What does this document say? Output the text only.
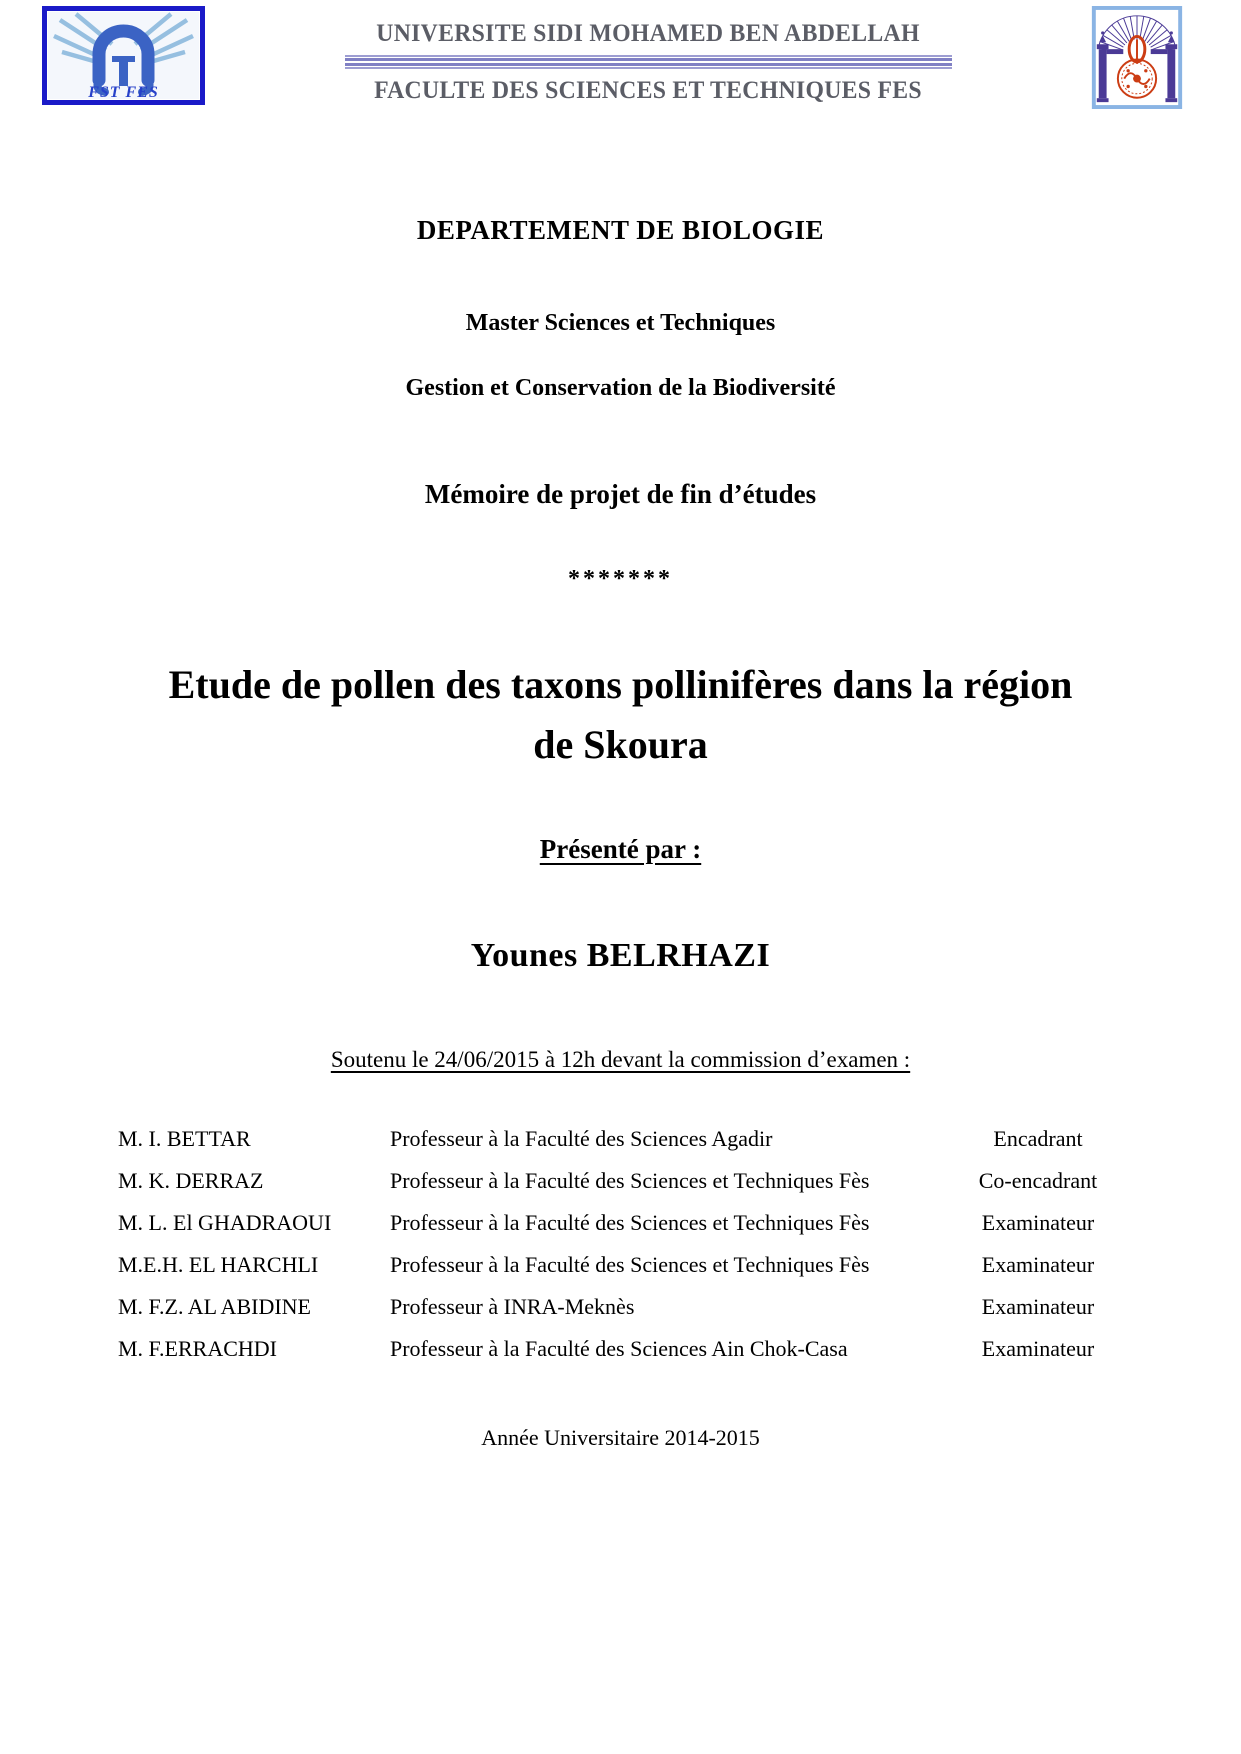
FST FES
UNIVERSITE SIDI MOHAMED BEN ABDELLAH
FACULTE DES SCIENCES ET TECHNIQUES FES
DEPARTEMENT DE BIOLOGIE
Master Sciences et Techniques
Gestion et Conservation de la Biodiversité
Mémoire de projet de fin d’études
*******
Etude de pollen des taxons pollinifères dans la région
de Skoura
Présenté par :
Younes BELRHAZI
Soutenu le 24/06/2015 à 12h devant la commission d’examen :
M. I. BETTAR	Professeur à la Faculté des Sciences Agadir	Encadrant
M. K. DERRAZ	Professeur à la Faculté des Sciences et Techniques Fès	Co-encadrant
M. L. El GHADRAOUI	Professeur à la Faculté des Sciences et Techniques Fès	Examinateur
M.E.H. EL HARCHLI	Professeur à la Faculté des Sciences et Techniques Fès	Examinateur
M. F.Z. AL ABIDINE	Professeur à INRA-Meknès	Examinateur
M. F.ERRACHDI	Professeur à la Faculté des Sciences Ain Chok-Casa	Examinateur
Année Universitaire 2014-2015
